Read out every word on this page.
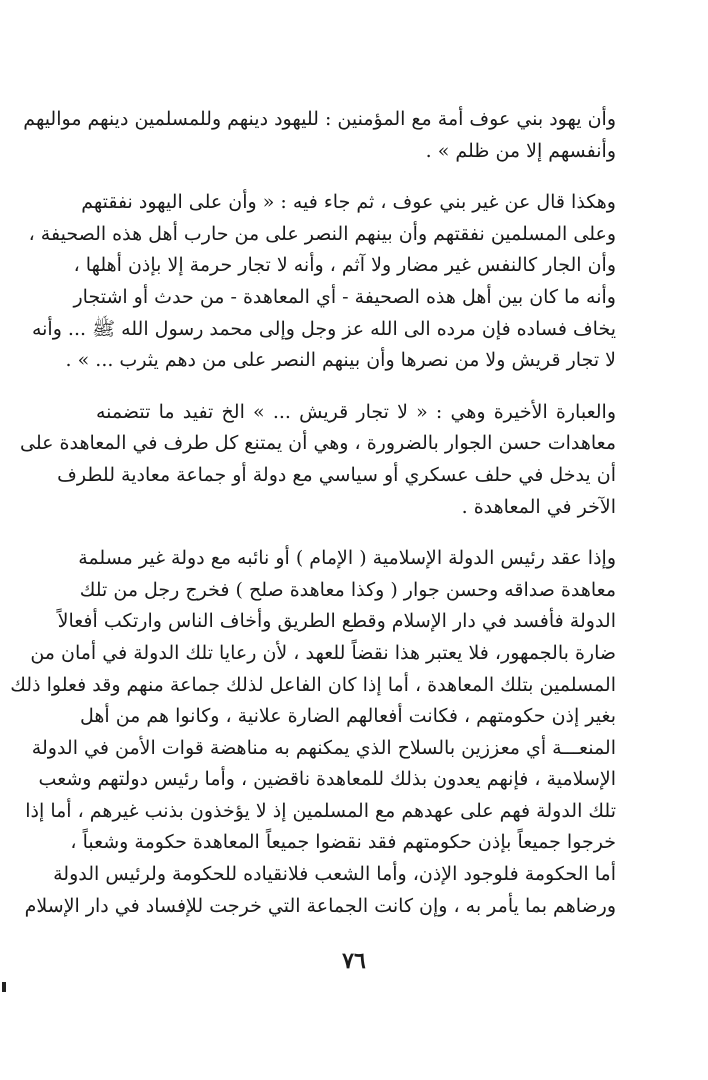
وأن يهود بني عوف أمة مع المؤمنين : لليهود دينهم وللمسلمين دينهم مواليهم
وأنفسهم إلا من ظلم » .
وهكذا قال عن غير بني عوف ، ثم جاء فيه : « وأن على اليهود نفقتهم
وعلى المسلمين نفقتهم وأن بينهم النصر على من حارب أهل هذه الصحيفة ،
وأن الجار كالنفس غير مضار ولا آثم ، وأنه لا تجار حرمة إلا بإذن أهلها ،
وأنه ما كان بين أهل هذه الصحيفة - أي المعاهدة - من حدث أو اشتجار
يخاف فساده فإن مرده الى الله عز وجل وإلى محمد رسول الله ﷺ ... وأنه
لا تجار قريش ولا من نصرها وأن بينهم النصر على من دهم يثرب ... » .
والعبارة الأخيرة وهي : « لا تجار قريش ... » الخ تفيد ما تتضمنه
معاهدات حسن الجوار بالضرورة ، وهي أن يمتنع كل طرف في المعاهدة على
أن يدخل في حلف عسكري أو سياسي مع دولة أو جماعة معادية للطرف
الآخر في المعاهدة .
وإذا عقد رئيس الدولة الإسلامية ( الإمام ) أو نائبه مع دولة غير مسلمة
معاهدة صداقه وحسن جوار ( وكذا معاهدة صلح ) فخرج رجل من تلك
الدولة فأفسد في دار الإسلام وقطع الطريق وأخاف الناس وارتكب أفعالاً
ضارة بالجمهور، فلا يعتبر هذا نقضاً للعهد ، لأن رعايا تلك الدولة في أمان من
المسلمين بتلك المعاهدة ، أما إذا كان الفاعل لذلك جماعة منهم وقد فعلوا ذلك
بغير إذن حكومتهم ، فكانت أفعالهم الضارة علانية ، وكانوا هم من أهل
المنعـــة أي معززين بالسلاح الذي يمكنهم به مناهضة قوات الأمن في الدولة
الإسلامية ، فإنهم يعدون بذلك للمعاهدة ناقضين ، وأما رئيس دولتهم وشعب
تلك الدولة فهم على عهدهم مع المسلمين إذ لا يؤخذون بذنب غيرهم ، أما إذا
خرجوا جميعاً بإذن حكومتهم فقد نقضوا جميعاً المعاهدة حكومة وشعباً ،
أما الحكومة فلوجود الإذن، وأما الشعب فلانقياده للحكومة ولرئيس الدولة
ورضاهم بما يأمر به ، وإن كانت الجماعة التي خرجت للإفساد في دار الإسلام
٧٦
